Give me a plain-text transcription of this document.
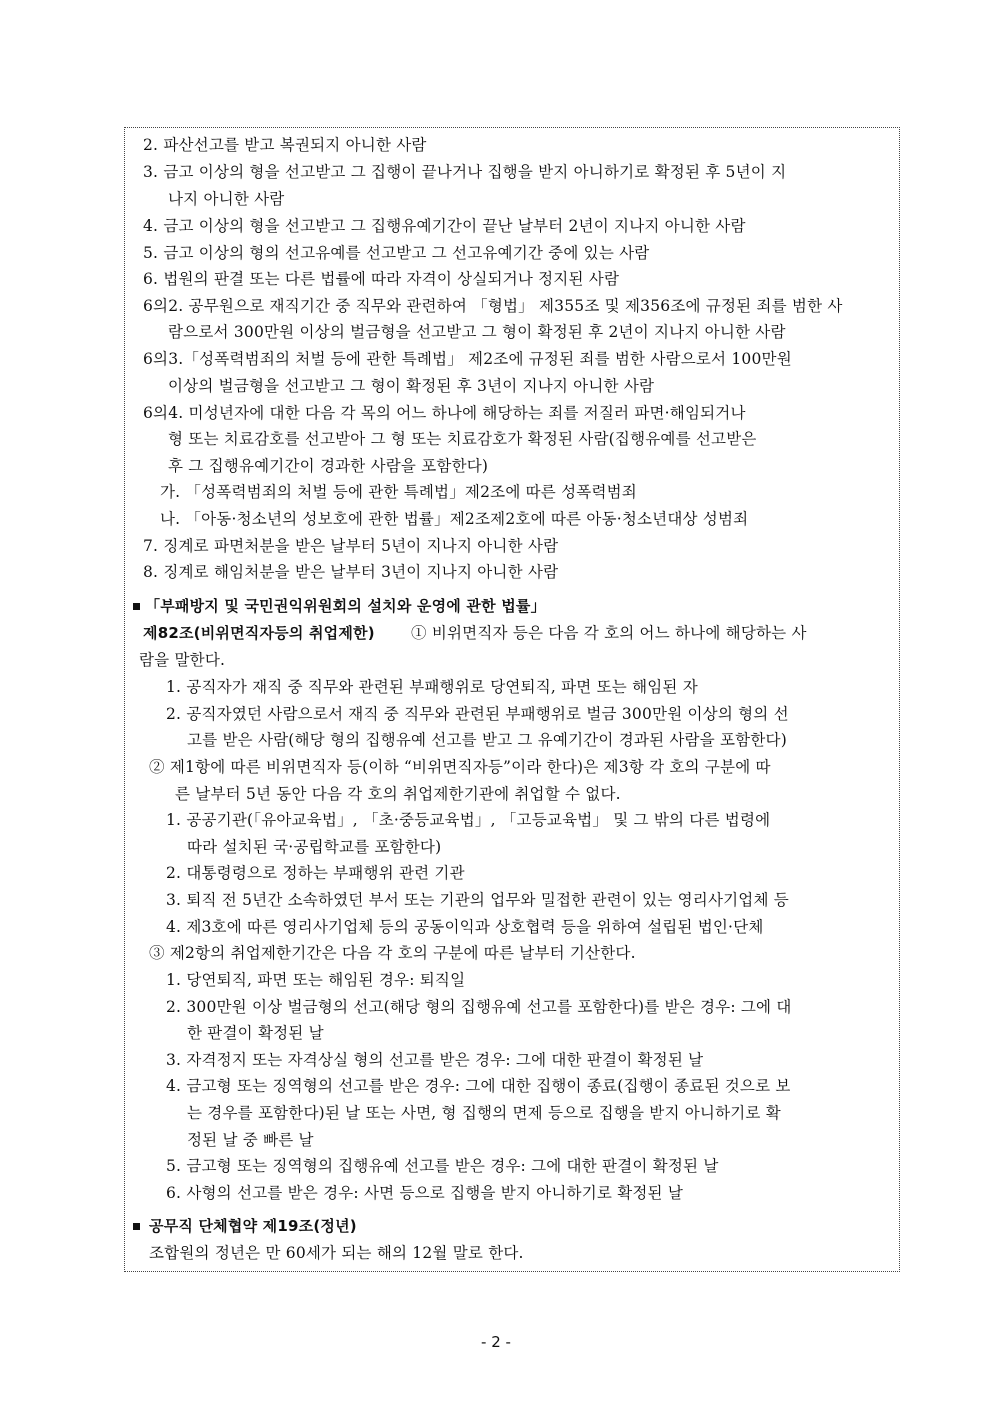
2. 파산선고를 받고 복권되지 아니한 사람
3. 금고 이상의 형을 선고받고 그 집행이 끝나거나 집행을 받지 아니하기로 확정된 후 5년이 지
나지 아니한 사람
4. 금고 이상의 형을 선고받고 그 집행유예기간이 끝난 날부터 2년이 지나지 아니한 사람
5. 금고 이상의 형의 선고유예를 선고받고 그 선고유예기간 중에 있는 사람
6. 법원의 판결 또는 다른 법률에 따라 자격이 상실되거나 정지된 사람
6의2. 공무원으로 재직기간 중 직무와 관련하여 「형법」 제355조 및 제356조에 규정된 죄를 범한 사
람으로서 300만원 이상의 벌금형을 선고받고 그 형이 확정된 후 2년이 지나지 아니한 사람
6의3.「성폭력범죄의 처벌 등에 관한 특례법」 제2조에 규정된 죄를 범한 사람으로서 100만원
이상의 벌금형을 선고받고 그 형이 확정된 후 3년이 지나지 아니한 사람
6의4. 미성년자에 대한 다음 각 목의 어느 하나에 해당하는 죄를 저질러 파면·해임되거나
형 또는 치료감호를 선고받아 그 형 또는 치료감호가 확정된 사람(집행유예를 선고받은
후 그 집행유예기간이 경과한 사람을 포함한다)
가. 「성폭력범죄의 처벌 등에 관한 특례법」제2조에 따른 성폭력범죄
나. 「아동·청소년의 성보호에 관한 법률」제2조제2호에 따른 아동·청소년대상 성범죄
7. 징계로 파면처분을 받은 날부터 5년이 지나지 아니한 사람
8. 징계로 해임처분을 받은 날부터 3년이 지나지 아니한 사람
「부패방지 및 국민권익위원회의 설치와 운영에 관한 법률」
제82조(비위면직자등의 취업제한) ① 비위면직자 등은 다음 각 호의 어느 하나에 해당하는 사
람을 말한다.
1. 공직자가 재직 중 직무와 관련된 부패행위로 당연퇴직, 파면 또는 해임된 자
2. 공직자였던 사람으로서 재직 중 직무와 관련된 부패행위로 벌금 300만원 이상의 형의 선
고를 받은 사람(해당 형의 집행유예 선고를 받고 그 유예기간이 경과된 사람을 포함한다)
② 제1항에 따른 비위면직자 등(이하 “비위면직자등”이라 한다)은 제3항 각 호의 구분에 따
른 날부터 5년 동안 다음 각 호의 취업제한기관에 취업할 수 없다.
1. 공공기관(「유아교육법」, 「초·중등교육법」, 「고등교육법」 및 그 밖의 다른 법령에
따라 설치된 국·공립학교를 포함한다)
2. 대통령령으로 정하는 부패행위 관련 기관
3. 퇴직 전 5년간 소속하였던 부서 또는 기관의 업무와 밀접한 관련이 있는 영리사기업체 등
4. 제3호에 따른 영리사기업체 등의 공동이익과 상호협력 등을 위하여 설립된 법인·단체
③ 제2항의 취업제한기간은 다음 각 호의 구분에 따른 날부터 기산한다.
1. 당연퇴직, 파면 또는 해임된 경우: 퇴직일
2. 300만원 이상 벌금형의 선고(해당 형의 집행유예 선고를 포함한다)를 받은 경우: 그에 대
한 판결이 확정된 날
3. 자격정지 또는 자격상실 형의 선고를 받은 경우: 그에 대한 판결이 확정된 날
4. 금고형 또는 징역형의 선고를 받은 경우: 그에 대한 집행이 종료(집행이 종료된 것으로 보
는 경우를 포함한다)된 날 또는 사면, 형 집행의 면제 등으로 집행을 받지 아니하기로 확
정된 날 중 빠른 날
5. 금고형 또는 징역형의 집행유예 선고를 받은 경우: 그에 대한 판결이 확정된 날
6. 사형의 선고를 받은 경우: 사면 등으로 집행을 받지 아니하기로 확정된 날
공무직 단체협약 제19조(정년)
조합원의 정년은 만 60세가 되는 해의 12월 말로 한다.
- 2 -
